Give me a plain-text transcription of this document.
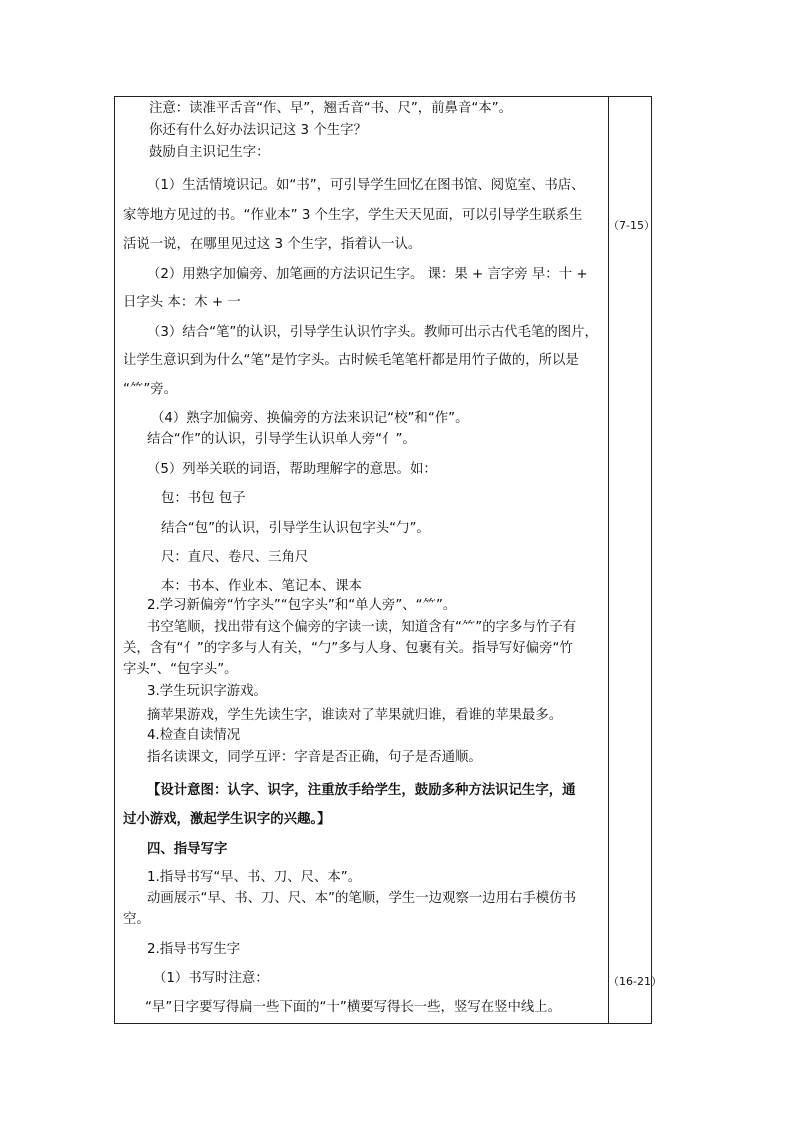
注意：读准平舌音“作、早”，翘舌音“书、尺”，前鼻音“本”。
你还有什么好办法识记这 3 个生字？
鼓励自主识记生字：
（1）生活情境识记。如“书”，可引导学生回忆在图书馆、阅览室、书店、
家等地方见过的书。“作业本” 3 个生字，学生天天见面，可以引导学生联系生
活说一说，在哪里见过这 3 个生字，指着认一认。
（2）用熟字加偏旁、加笔画的方法识记生字。 课：果 + 言字旁 早：十 +
日字头 本：木 + 一
（3）结合“笔”的认识，引导学生认识竹字头。教师可出示古代毛笔的图片，
让学生意识到为什么“笔”是竹字头。古时候毛笔笔杆都是用竹子做的，所以是
“⺮”旁。
（4）熟字加偏旁、换偏旁的方法来识记“校”和“作”。
结合“作”的认识，引导学生认识单人旁“亻”。
（5）列举关联的词语，帮助理解字的意思。如：
包：书包 包子
结合“包”的认识，引导学生认识包字头“勹”。
尺：直尺、卷尺、三角尺
本：书本、作业本、笔记本、课本
2.学习新偏旁“竹字头”“包字头”和“单人旁”、“⺮”。
书空笔顺，找出带有这个偏旁的字读一读，知道含有“⺮”的字多与竹子有
关，含有“亻”的字多与人有关，“勹”多与人身、包裹有关。指导写好偏旁“竹
字头”、“包字头”。
3.学生玩识字游戏。
摘苹果游戏，学生先读生字，谁读对了苹果就归谁，看谁的苹果最多。
4.检查自读情况
指名读课文，同学互评：字音是否正确，句子是否通顺。
【设计意图：认字、识字，注重放手给学生，鼓励多种方法识记生字，通
过小游戏，激起学生识字的兴趣。】
四、指导写字
1.指导书写“早、书、刀、尺、本”。
动画展示“早、书、刀、尺、本”的笔顺，学生一边观察一边用右手模仿书
空。
2.指导书写生字
（1）书写时注意：
“早”日字要写得扁一些下面的“十”横要写得长一些，竖写在竖中线上。
（7-15）
（16-21）
